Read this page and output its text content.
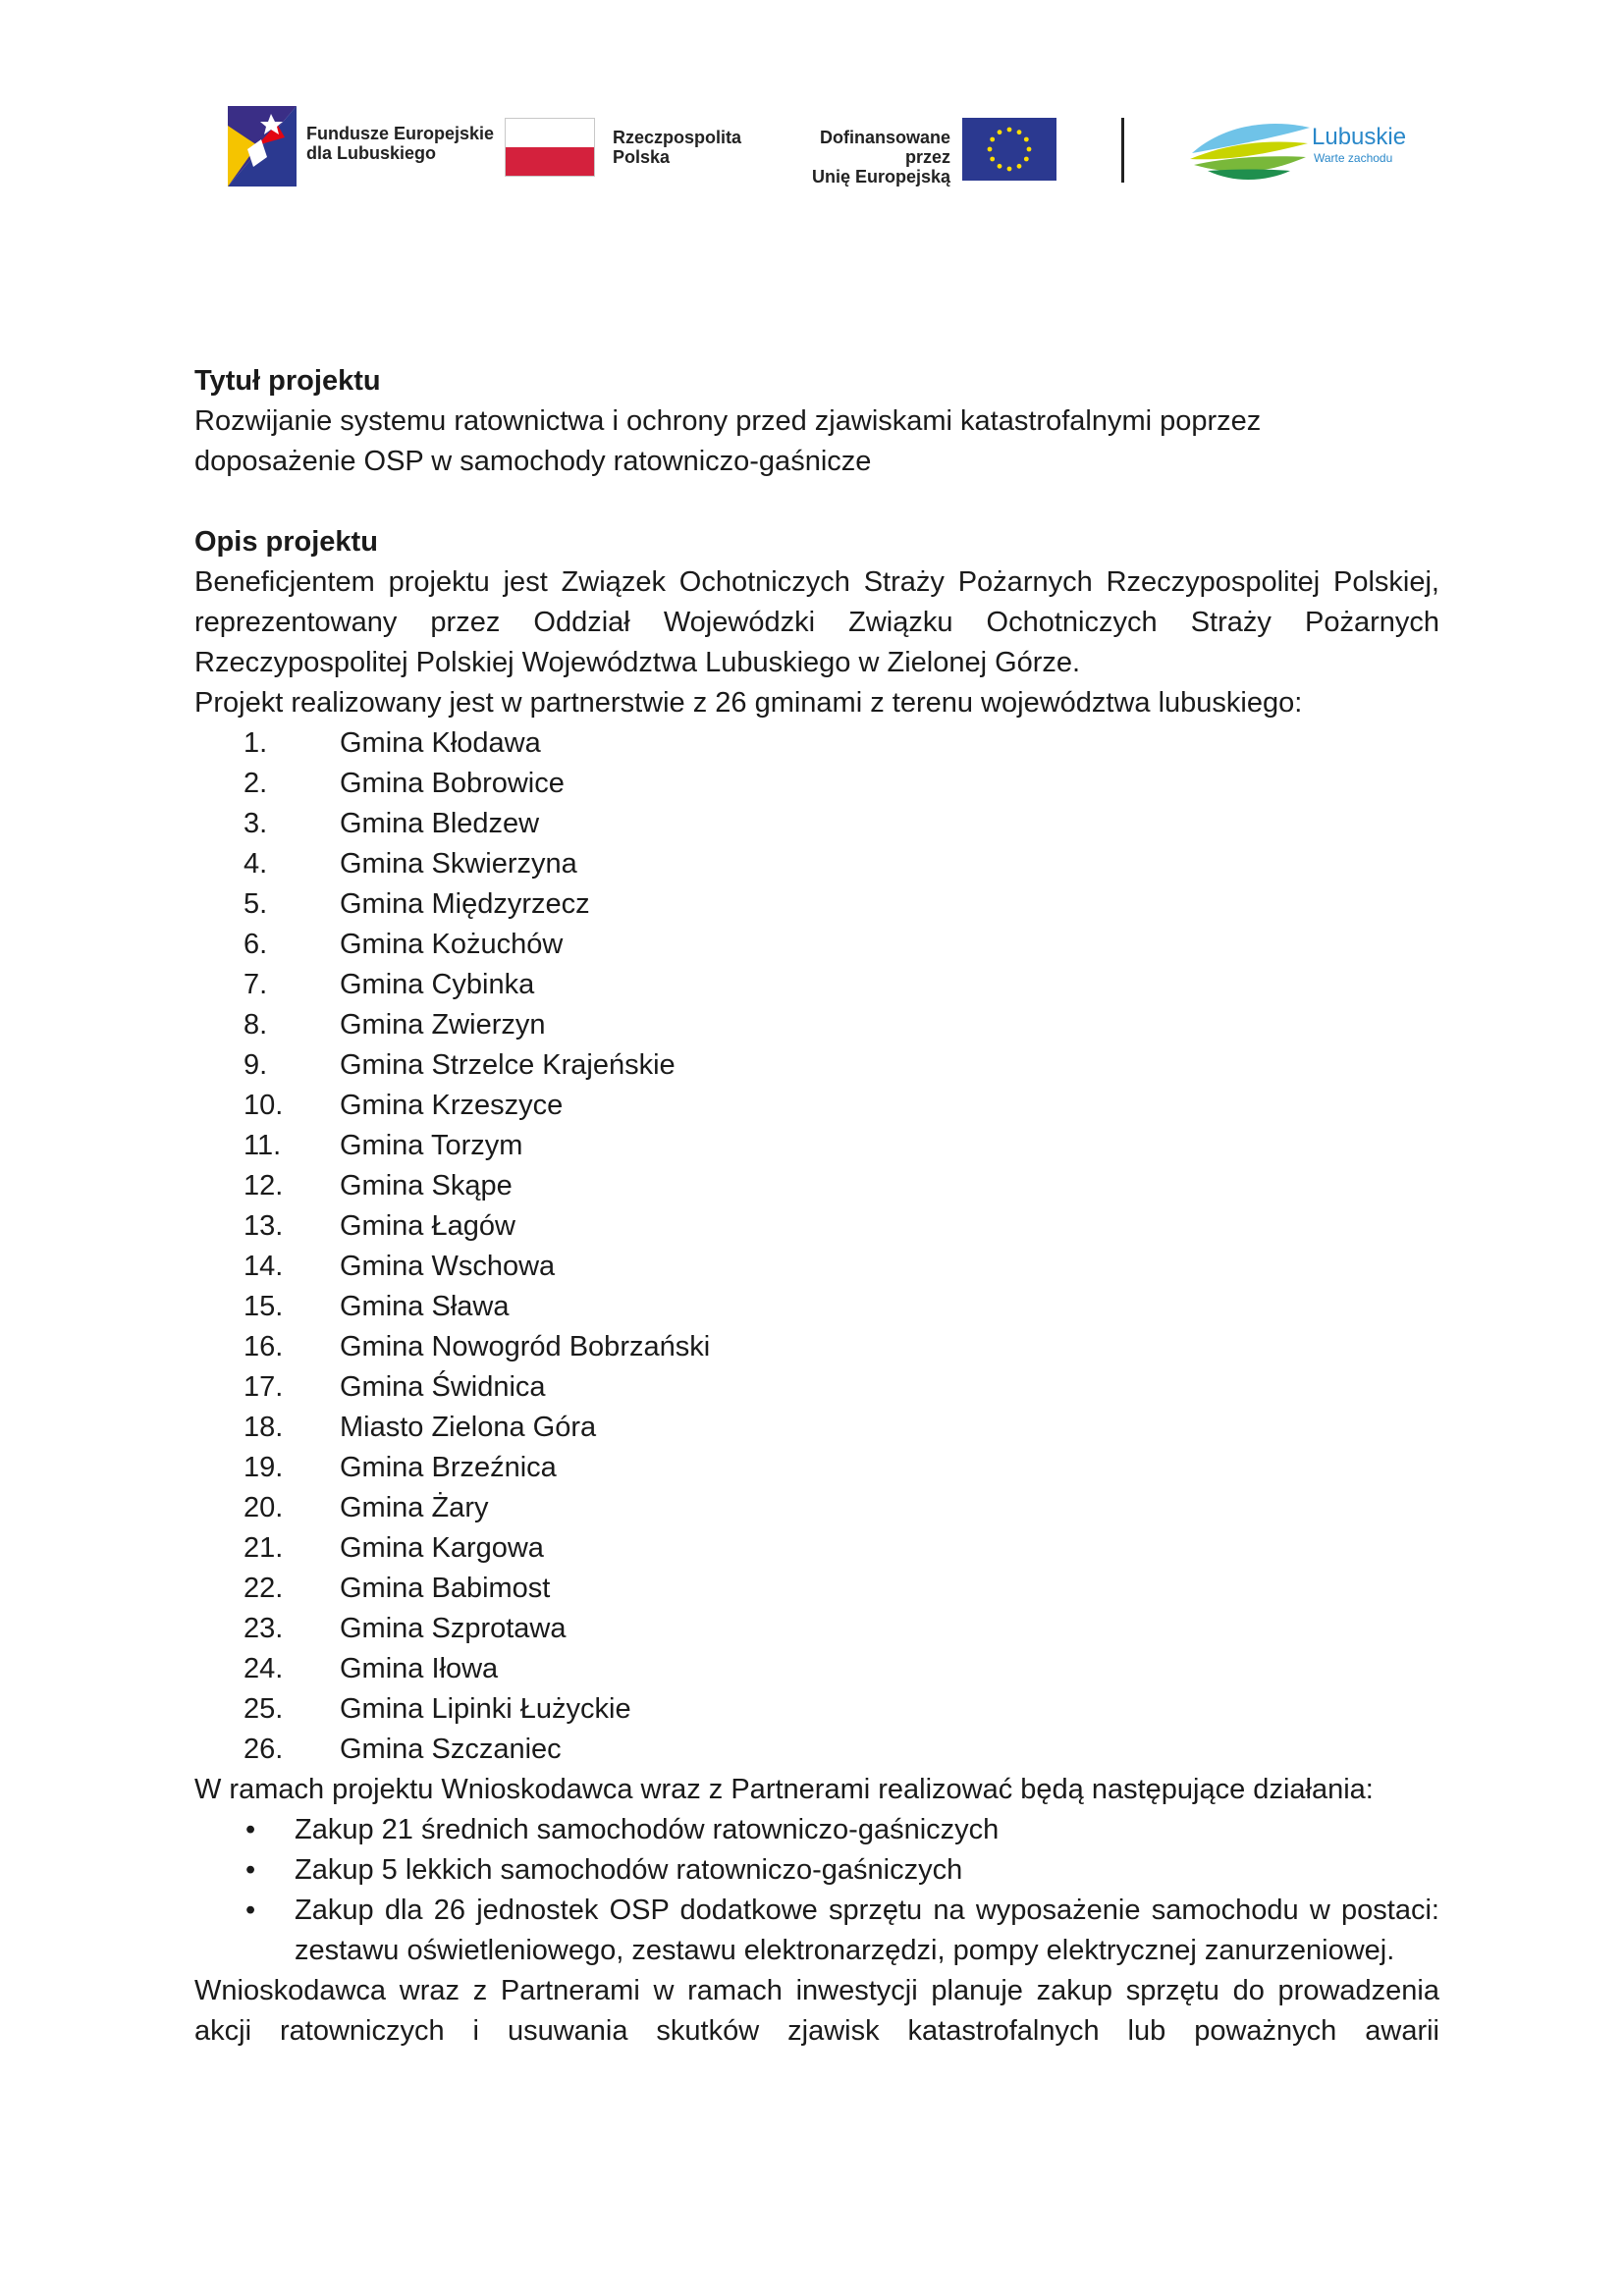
Fundusze Europejskie
dla Lubuskiego
Rzeczpospolita
Polska
Dofinansowane przez
Unię Europejską
Lubuskie
Warte zachodu

Tytuł projektu

Rozwijanie systemu ratownictwa i ochrony przed zjawiskami katastrofalnymi poprzez

doposażenie OSP w samochody ratowniczo-gaśnicze

Opis projektu

Beneficjentem projektu jest Związek Ochotniczych Straży Pożarnych Rzeczypospolitej Polskiej, reprezentowany przez Oddział Wojewódzki Związku Ochotniczych Straży Pożarnych Rzeczypospolitej Polskiej Województwa Lubuskiego w Zielonej Górze.

Projekt realizowany jest w partnerstwie z 26 gminami z terenu województwa lubuskiego:

1.	Gmina Kłodawa
2.	Gmina Bobrowice
3.	Gmina Bledzew
4.	Gmina Skwierzyna
5.	Gmina Międzyrzecz
6.	Gmina Kożuchów
7.	Gmina Cybinka
8.	Gmina Zwierzyn
9.	Gmina Strzelce Krajeńskie
10. Gmina Krzeszyce
11. Gmina Torzym
12. Gmina Skąpe
13. Gmina Łagów
14. Gmina Wschowa
15. Gmina Sława
16. Gmina Nowogród Bobrzański
17. Gmina Świdnica
18. Miasto Zielona Góra
19. Gmina Brzeźnica
20. Gmina Żary
21. Gmina Kargowa
22. Gmina Babimost
23. Gmina Szprotawa
24. Gmina Iłowa
25. Gmina Lipinki Łużyckie
26. Gmina Szczaniec

W ramach projektu Wnioskodawca wraz z Partnerami realizować będą następujące działania:

• Zakup 21 średnich samochodów ratowniczo-gaśniczych
• Zakup 5 lekkich samochodów ratowniczo-gaśniczych
• Zakup dla 26 jednostek OSP dodatkowe sprzętu na wyposażenie samochodu w postaci: zestawu oświetleniowego, zestawu elektronarzędzi, pompy elektrycznej zanurzeniowej.

Wnioskodawca wraz z Partnerami w ramach inwestycji planuje zakup sprzętu do prowadzenia akcji ratowniczych i usuwania skutków zjawisk katastrofalnych lub poważnych awarii
